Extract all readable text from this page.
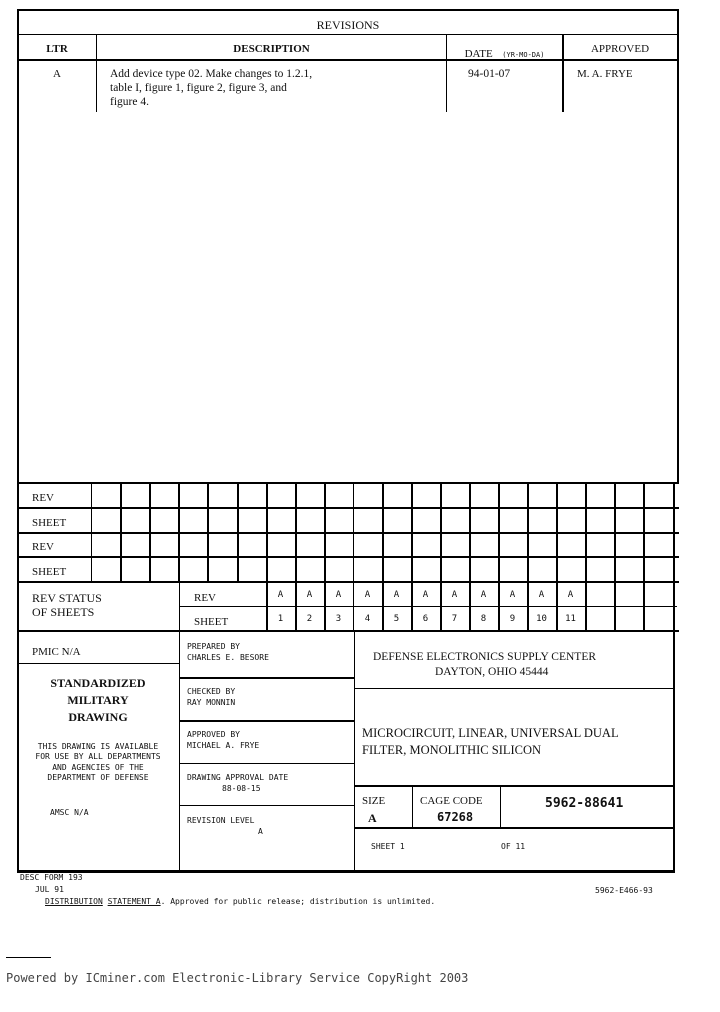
REVISIONS
LTR	DESCRIPTION	DATE (YR-MO-DA)	APPROVED
A	Add device type 02. Make changes to 1.2.1,
table I, figure 1, figure 2, figure 3, and
figure 4.
94-01-07	M. A. FRYE
REV
SHEET
REV
SHEET
REV STATUS
OF SHEETS
REV
SHEET
A	A	A	A	A	A	A	A	A	A	A
1	2	3	4	5	6	7	8	9	10	11
PMIC N/A
STANDARDIZED
MILITARY
DRAWING
THIS DRAWING IS AVAILABLE
FOR USE BY ALL DEPARTMENTS
AND AGENCIES OF THE
DEPARTMENT OF DEFENSE
AMSC N/A
PREPARED BY
CHARLES E. BESORE
CHECKED BY
RAY MONNIN
APPROVED BY
MICHAEL A. FRYE
DRAWING APPROVAL DATE
88-08-15
REVISION LEVEL
A
DEFENSE ELECTRONICS SUPPLY CENTER
DAYTON, OHIO 45444
MICROCIRCUIT, LINEAR, UNIVERSAL DUAL
FILTER, MONOLITHIC SILICON
SIZE
A
CAGE CODE
67268
5962-88641
SHEET 1	OF 11
DESC FORM 193
JUL 91
DISTRIBUTION STATEMENT A. Approved for public release; distribution is unlimited.
5962-E466-93
Powered by ICminer.com Electronic-Library Service CopyRight 2003
